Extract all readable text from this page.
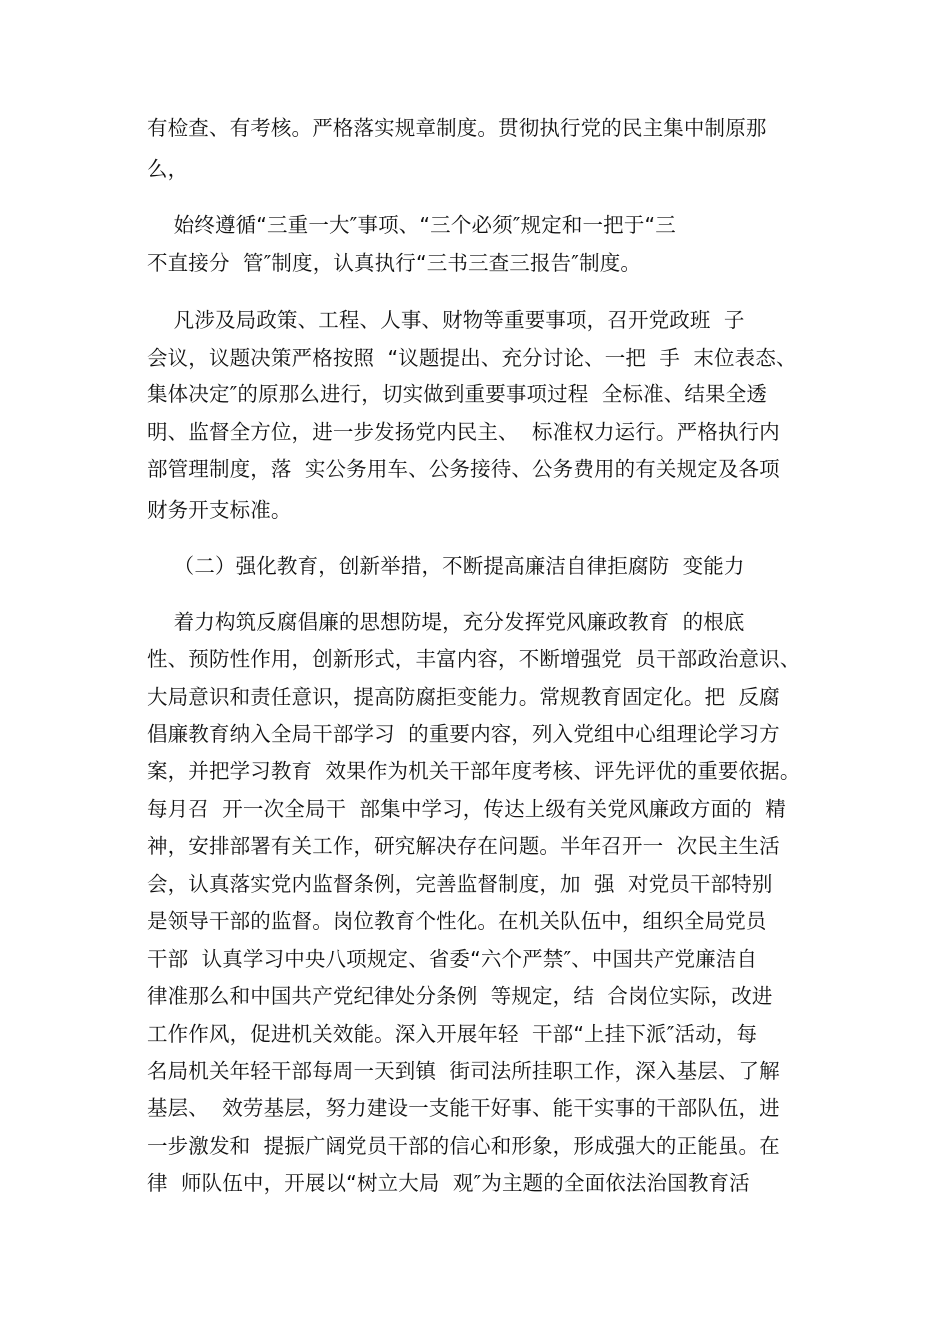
有检查、有考核。严格落实规章制度。贯彻执行党的民主集中制原那
么，
始终遵循“三重一大″事项、“三个必须″规定和一把于“三
不直接分  管″制度，认真执行“三书三查三报告″制度。
凡涉及局政策、工程、人事、财物等重要事项，召开党政班  子
会议，议题决策严格按照  “议题提出、充分讨论、一把  手  末位表态、
集体决定″的原那么进行，切实做到重要事项过程  全标准、结果全透
明、监督全方位，进一步发扬党内民主、  标准权力运行。严格执行内
部管理制度，落  实公务用车、公务接待、公务费用的有关规定及各项
财务开支标准。
（二）强化教育，创新举措，不断提高廉洁自律拒腐防  变能力
着力构筑反腐倡廉的思想防堤，充分发挥党风廉政教育  的根底
性、预防性作用，创新形式，丰富内容，不断增强党  员干部政治意识、
大局意识和责任意识，提高防腐拒变能力。常规教育固定化。把  反腐
倡廉教育纳入全局干部学习  的重要内容，列入党组中心组理论学习方
案，并把学习教育  效果作为机关干部年度考核、评先评优的重要依据。
每月召  开一次全局干  部集中学习，传达上级有关党风廉政方面的  精
神，安排部署有关工作，研究解决存在问题。半年召开一  次民主生活
会，认真落实党内监督条例，完善监督制度，加  强  对党员干部特别
是领导干部的监督。岗位教育个性化。在机关队伍中，组织全局党员
干部  认真学习中央八项规定、省委“六个严禁″、中国共产党廉洁自
律准那么和中国共产党纪律处分条例  等规定，结  合岗位实际，改进
工作作风，促进机关效能。深入开展年轻  干部“上挂下派″活动，每
名局机关年轻干部每周一天到镇  街司法所挂职工作，深入基层、了解
基层、  效劳基层，努力建设一支能干好事、能干实事的干部队伍，进
一步激发和  提振广阔党员干部的信心和形象，形成强大的正能虽。在
律  师队伍中，开展以“树立大局  观″为主题的全面依法治国教育活
